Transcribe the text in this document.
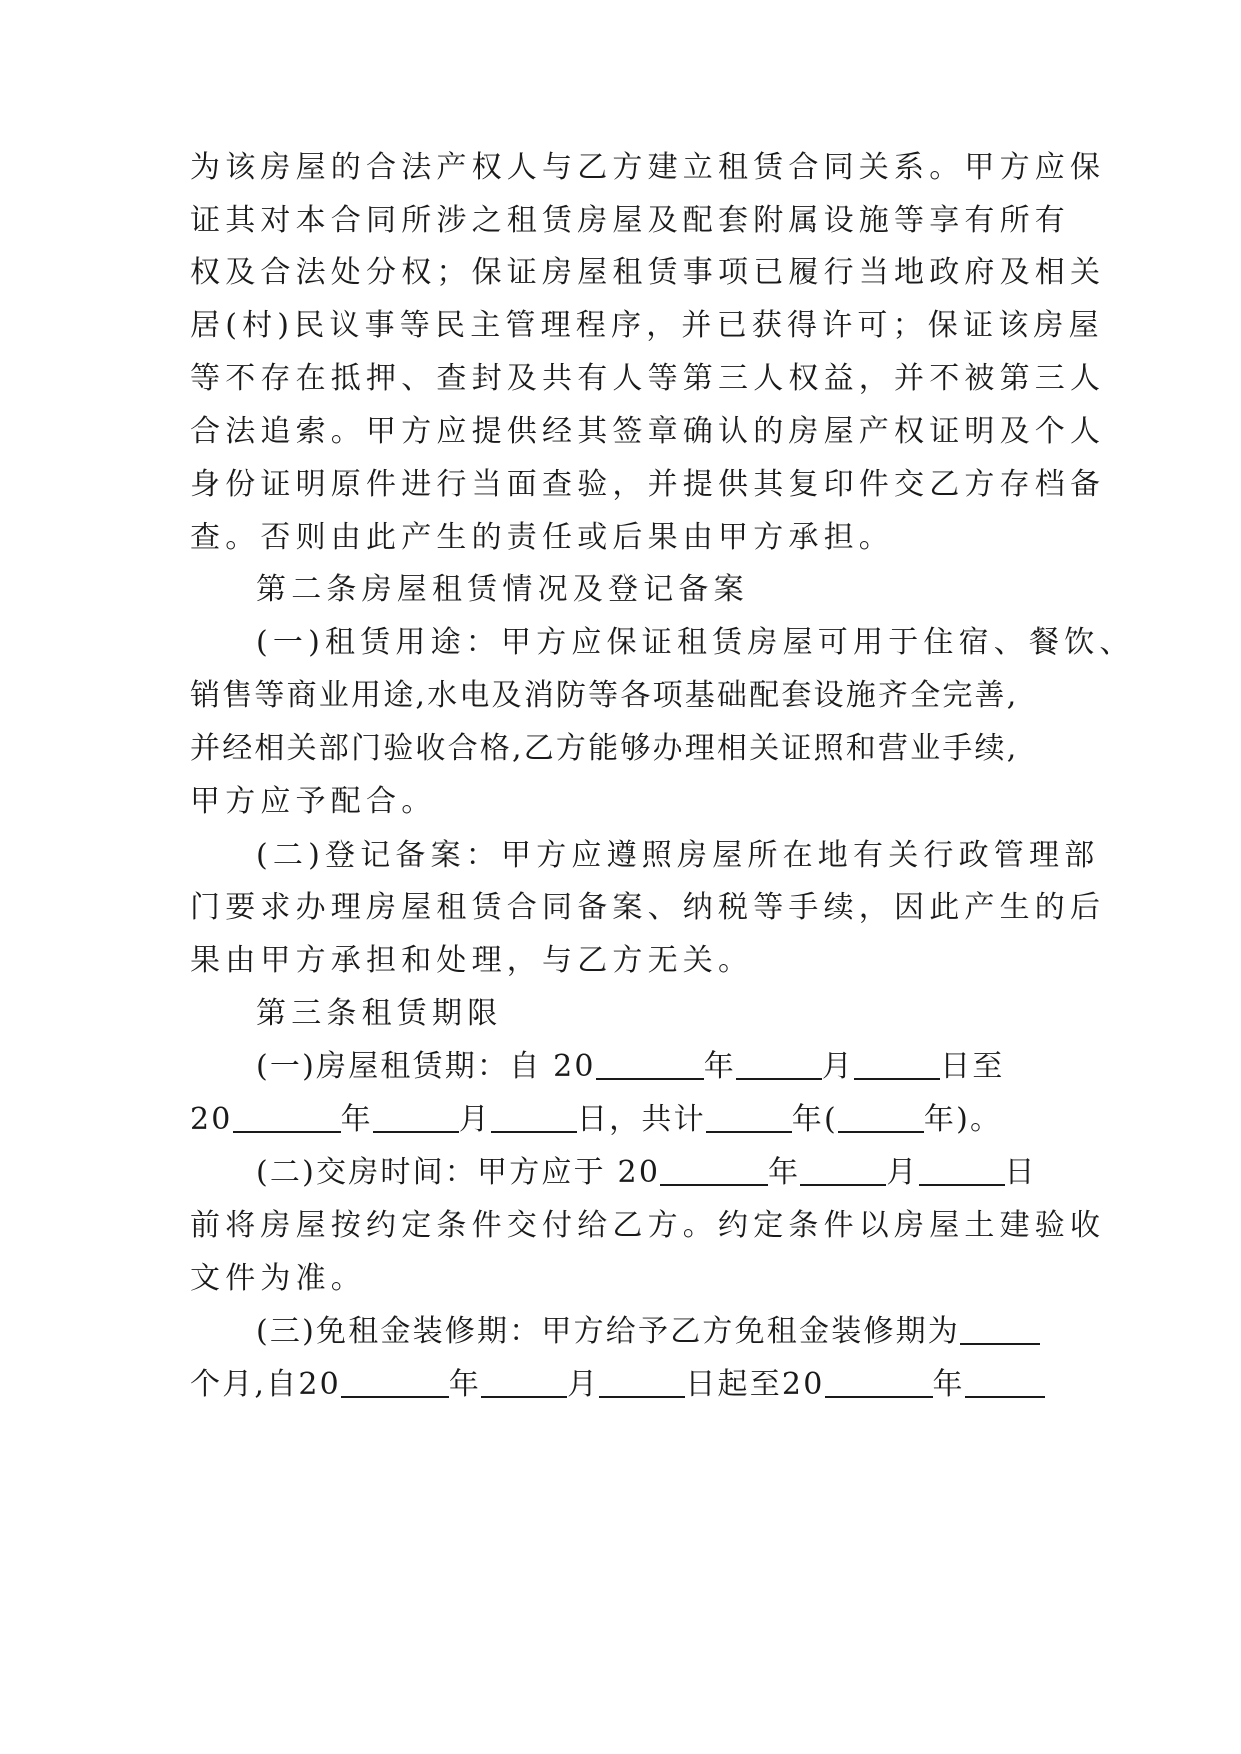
为该房屋的合法产权人与乙方建立租赁合同关系。甲方应保
证其对本合同所涉之租赁房屋及配套附属设施等享有所有
权及合法处分权；保证房屋租赁事项已履行当地政府及相关
居(村)民议事等民主管理程序，并已获得许可；保证该房屋
等不存在抵押、查封及共有人等第三人权益，并不被第三人
合法追索。甲方应提供经其签章确认的房屋产权证明及个人
身份证明原件进行当面查验，并提供其复印件交乙方存档备
查。否则由此产生的责任或后果由甲方承担。
第二条房屋租赁情况及登记备案
(一)租赁用途：甲方应保证租赁房屋可用于住宿、餐饮、
销售等商业用途,水电及消防等各项基础配套设施齐全完善,
并经相关部门验收合格,乙方能够办理相关证照和营业手续,
甲方应予配合。
(二)登记备案：甲方应遵照房屋所在地有关行政管理部
门要求办理房屋租赁合同备案、纳税等手续，因此产生的后
果由甲方承担和处理，与乙方无关。
第三条租赁期限
(一)房屋租赁期：自 20	年	月	日至
20	年	月	日，共计	年(	年)。
(二)交房时间：甲方应于 20	年	月	日
前将房屋按约定条件交付给乙方。约定条件以房屋土建验收
文件为准。
(三)免租金装修期：甲方给予乙方免租金装修期为
个月,自20	年	月	日起至20	年
